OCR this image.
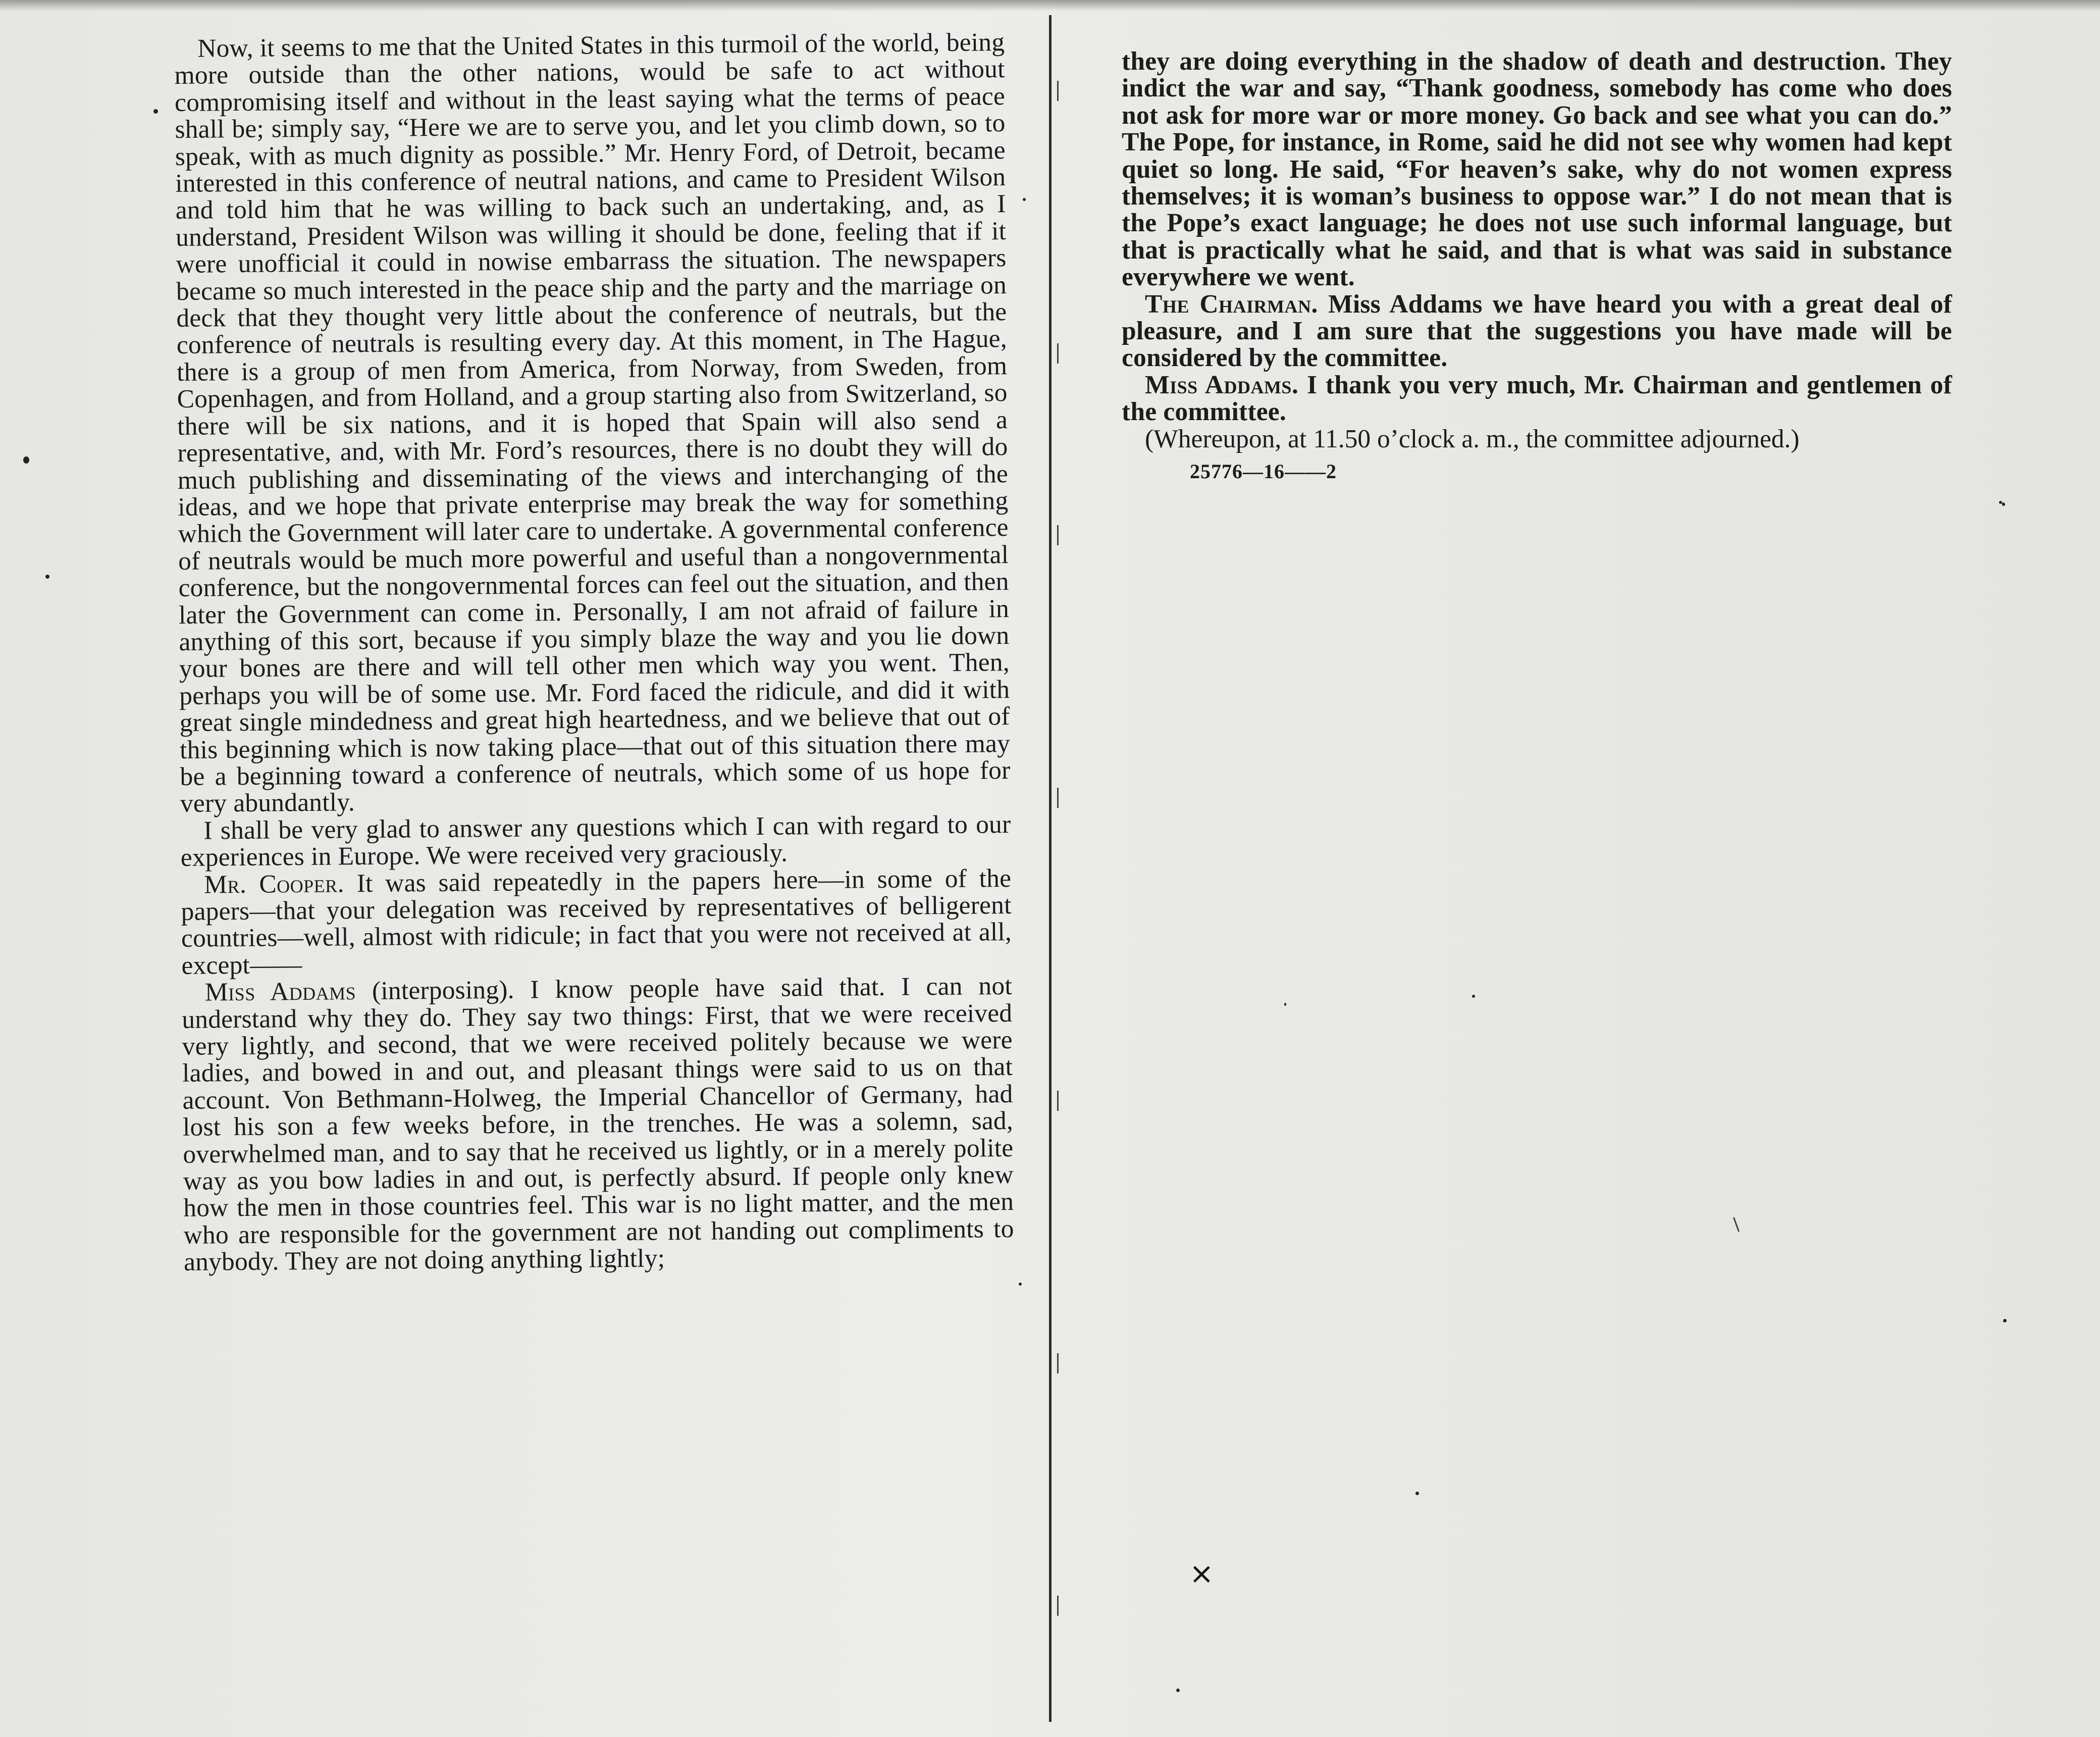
Now, it seems to me that the United States in this turmoil of the world, being more outside than the other nations, would be safe to act without compromising itself and without in the least saying what the terms of peace shall be; simply say, “Here we are to serve you, and let you climb down, so to speak, with as much dignity as possible.” Mr. Henry Ford, of Detroit, became interested in this conference of neutral nations, and came to President Wilson and told him that he was willing to back such an undertaking, and, as I understand, President Wilson was willing it should be done, feeling that if it were unofficial it could in nowise embarrass the situation. The newspapers became so much interested in the peace ship and the party and the marriage on deck that they thought very little about the conference of neutrals, but the conference of neutrals is resulting every day. At this moment, in The Hague, there is a group of men from America, from Norway, from Sweden, from Copenhagen, and from Holland, and a group starting also from Switzerland, so there will be six nations, and it is hoped that Spain will also send a representative, and, with Mr. Ford’s resources, there is no doubt they will do much publishing and disseminating of the views and interchanging of the ideas, and we hope that private enterprise may break the way for something which the Government will later care to undertake. A governmental conference of neutrals would be much more powerful and useful than a nongovernmental conference, but the nongovernmental forces can feel out the situation, and then later the Government can come in. Personally, I am not afraid of failure in anything of this sort, because if you simply blaze the way and you lie down your bones are there and will tell other men which way you went. Then, perhaps you will be of some use. Mr. Ford faced the ridicule, and did it with great single mindedness and great high heartedness, and we believe that out of this beginning which is now taking place—that out of this situation there may be a beginning toward a conference of neutrals, which some of us hope for very abundantly.

I shall be very glad to answer any questions which I can with regard to our experiences in Europe. We were received very graciously.

Mr. Cooper. It was said repeatedly in the papers here—in some of the papers—that your delegation was received by representatives of belligerent countries—well, almost with ridicule; in fact that you were not received at all, except——

Miss Addams (interposing). I know people have said that. I can not understand why they do. They say two things: First, that we were received very lightly, and second, that we were received politely because we were ladies, and bowed in and out, and pleasant things were said to us on that account. Von Bethmann-Holweg, the Imperial Chancellor of Germany, had lost his son a few weeks before, in the trenches. He was a solemn, sad, overwhelmed man, and to say that he received us lightly, or in a merely polite way as you bow ladies in and out, is perfectly absurd. If people only knew how the men in those countries feel. This war is no light matter, and the men who are responsible for the government are not handing out compliments to anybody. They are not doing anything lightly;

they are doing everything in the shadow of death and destruction. They indict the war and say, “Thank goodness, somebody has come who does not ask for more war or more money. Go back and see what you can do.” The Pope, for instance, in Rome, said he did not see why women had kept quiet so long. He said, “For heaven’s sake, why do not women express themselves; it is woman’s business to oppose war.” I do not mean that is the Pope’s exact language; he does not use such informal language, but that is practically what he said, and that is what was said in substance everywhere we went.

The Chairman. Miss Addams we have heard you with a great deal of pleasure, and I am sure that the suggestions you have made will be considered by the committee.

Miss Addams. I thank you very much, Mr. Chairman and gentlemen of the committee.

(Whereupon, at 11.50 o’clock a. m., the committee adjourned.)

25776—16——2
×
